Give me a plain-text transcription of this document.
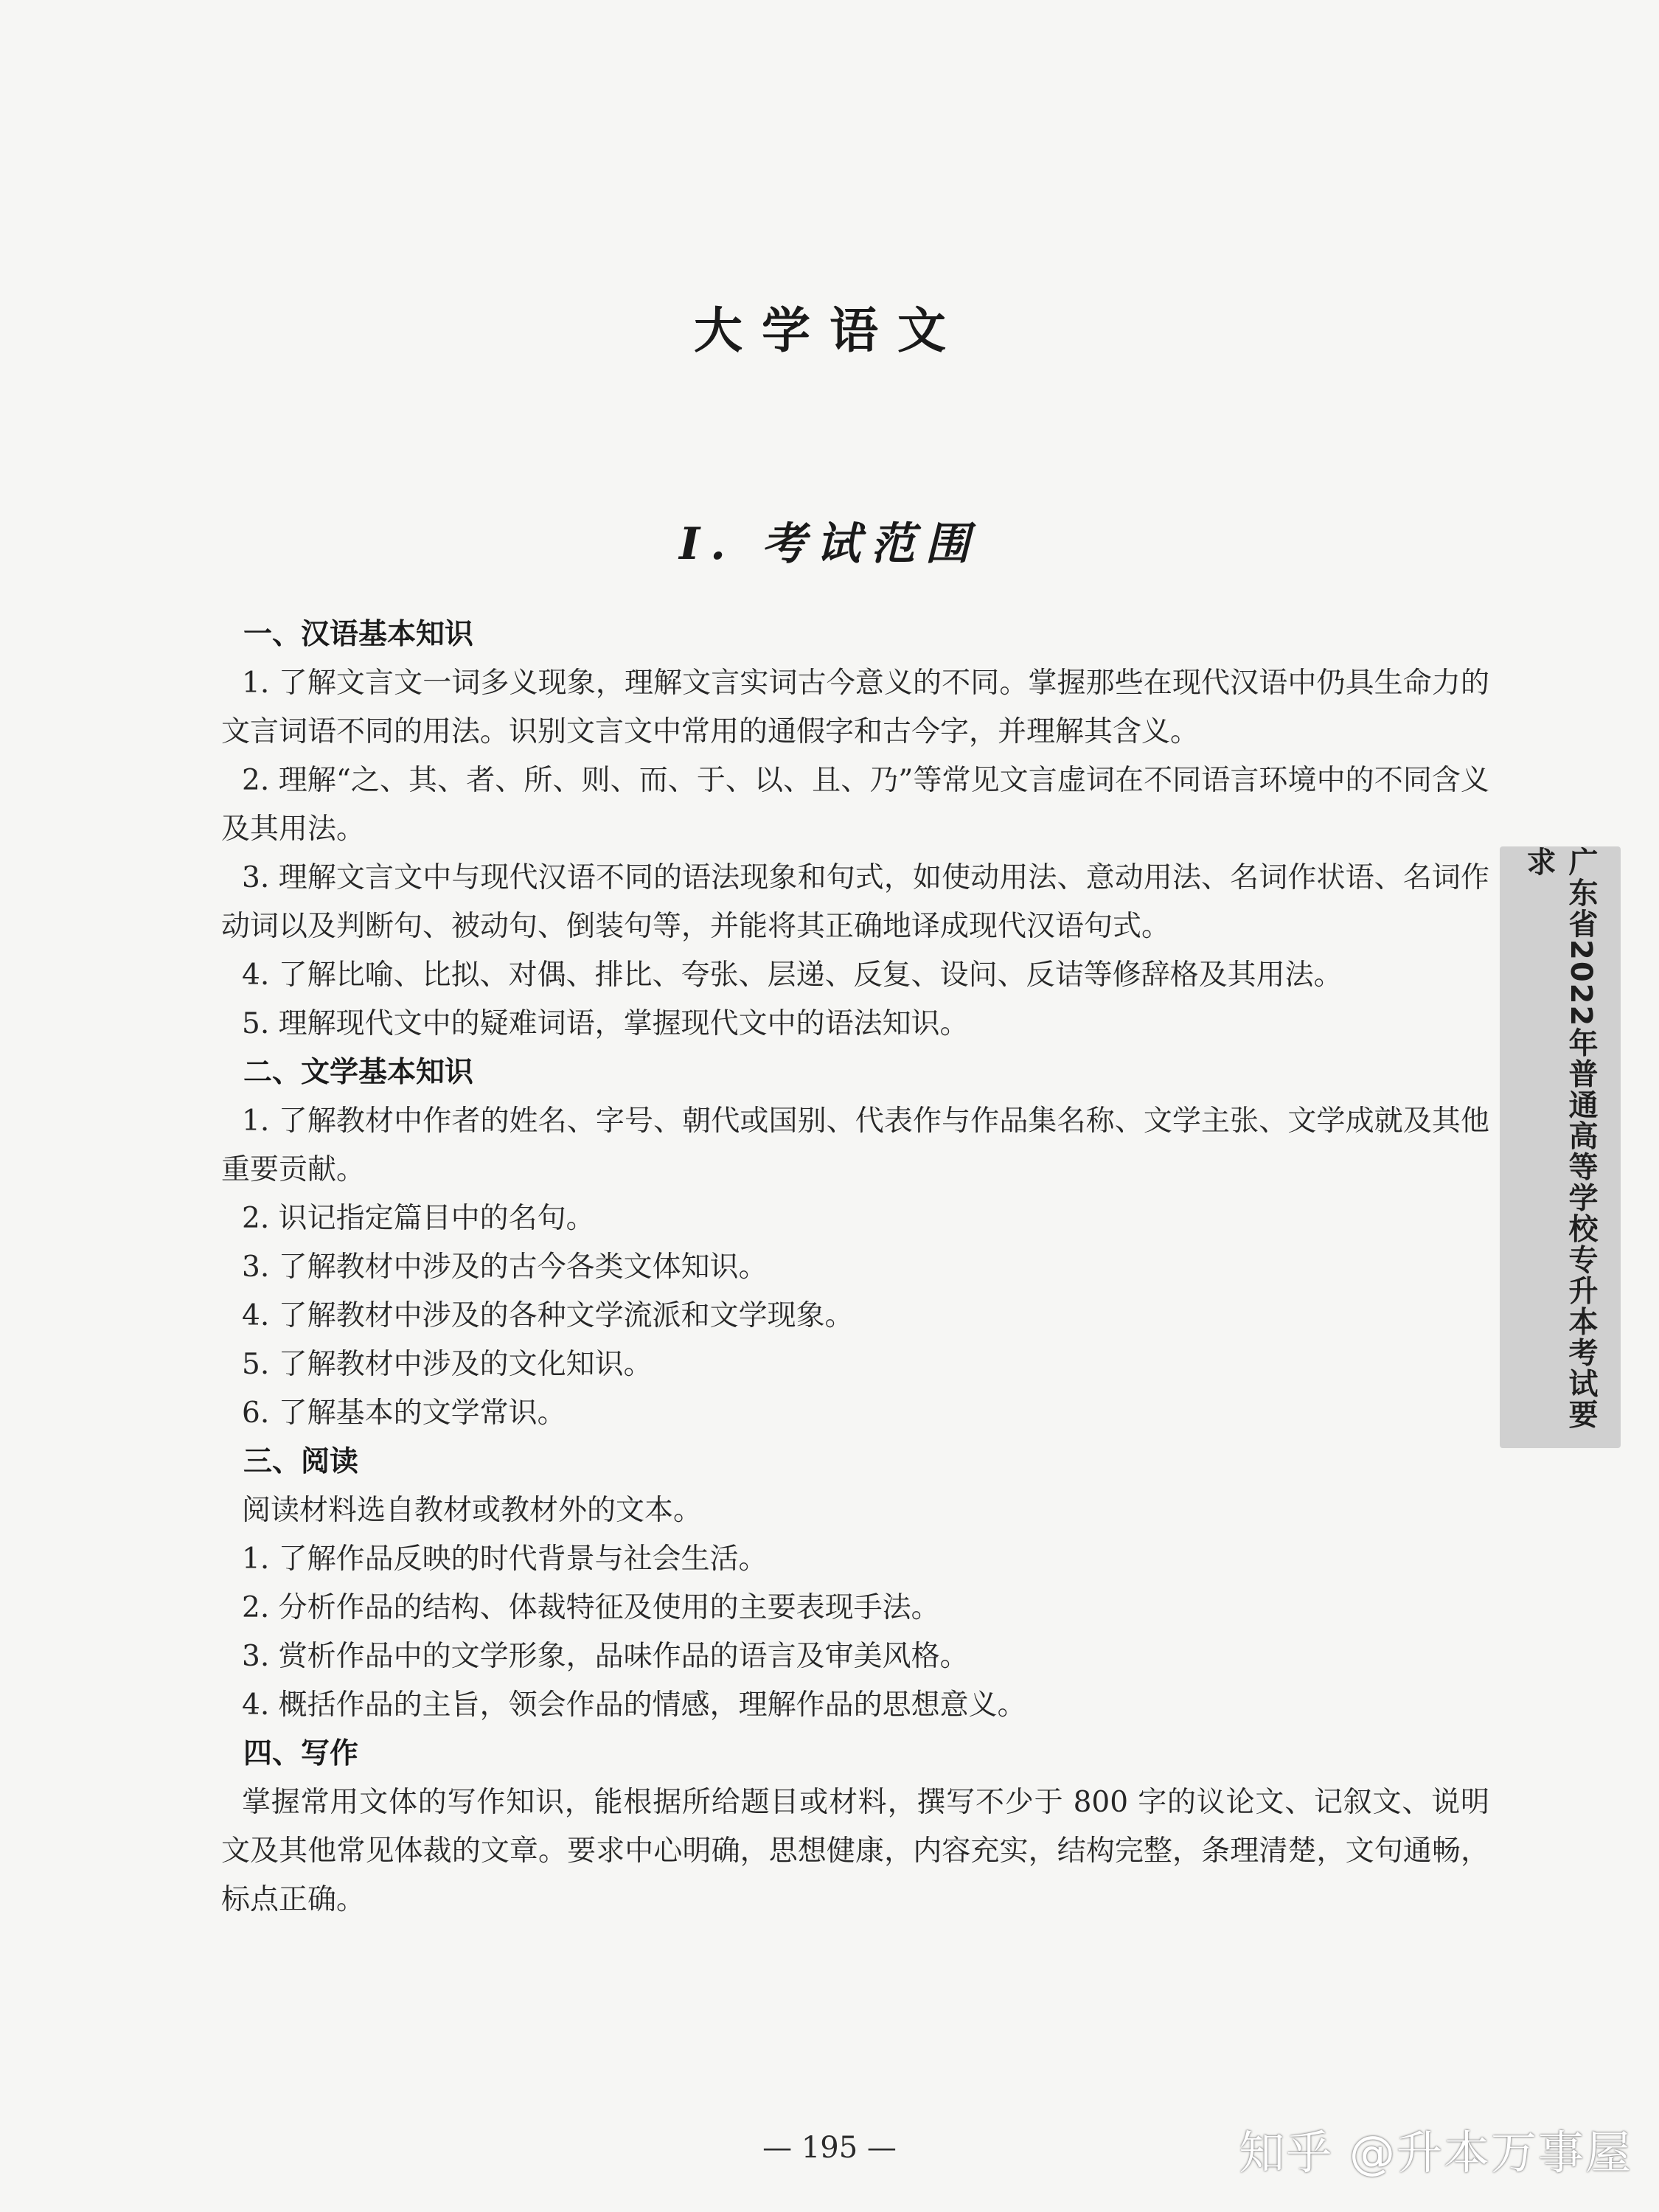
大学语文
Ⅰ. 考试范围
一、汉语基本知识
1. 了解文言文一词多义现象，理解文言实词古今意义的不同。掌握那些在现代汉语中仍具生命力的文言词语不同的用法。识别文言文中常用的通假字和古今字，并理解其含义。
2. 理解“之、其、者、所、则、而、于、以、且、乃”等常见文言虚词在不同语言环境中的不同含义及其用法。
3. 理解文言文中与现代汉语不同的语法现象和句式，如使动用法、意动用法、名词作状语、名词作动词以及判断句、被动句、倒装句等，并能将其正确地译成现代汉语句式。
4. 了解比喻、比拟、对偶、排比、夸张、层递、反复、设问、反诘等修辞格及其用法。
5. 理解现代文中的疑难词语，掌握现代文中的语法知识。
二、文学基本知识
1. 了解教材中作者的姓名、字号、朝代或国别、代表作与作品集名称、文学主张、文学成就及其他重要贡献。
2. 识记指定篇目中的名句。
3. 了解教材中涉及的古今各类文体知识。
4. 了解教材中涉及的各种文学流派和文学现象。
5. 了解教材中涉及的文化知识。
6. 了解基本的文学常识。
三、阅读
阅读材料选自教材或教材外的文本。
1. 了解作品反映的时代背景与社会生活。
2. 分析作品的结构、体裁特征及使用的主要表现手法。
3. 赏析作品中的文学形象，品味作品的语言及审美风格。
4. 概括作品的主旨，领会作品的情感，理解作品的思想意义。
四、写作
掌握常用文体的写作知识，能根据所给题目或材料，撰写不少于 800 字的议论文、记叙文、说明文及其他常见体裁的文章。要求中心明确，思想健康，内容充实，结构完整，条理清楚，文句通畅，标点正确。
广东省2022年普通高等学校专升本考试要求
— 195 —	知乎 @升本万事屋
